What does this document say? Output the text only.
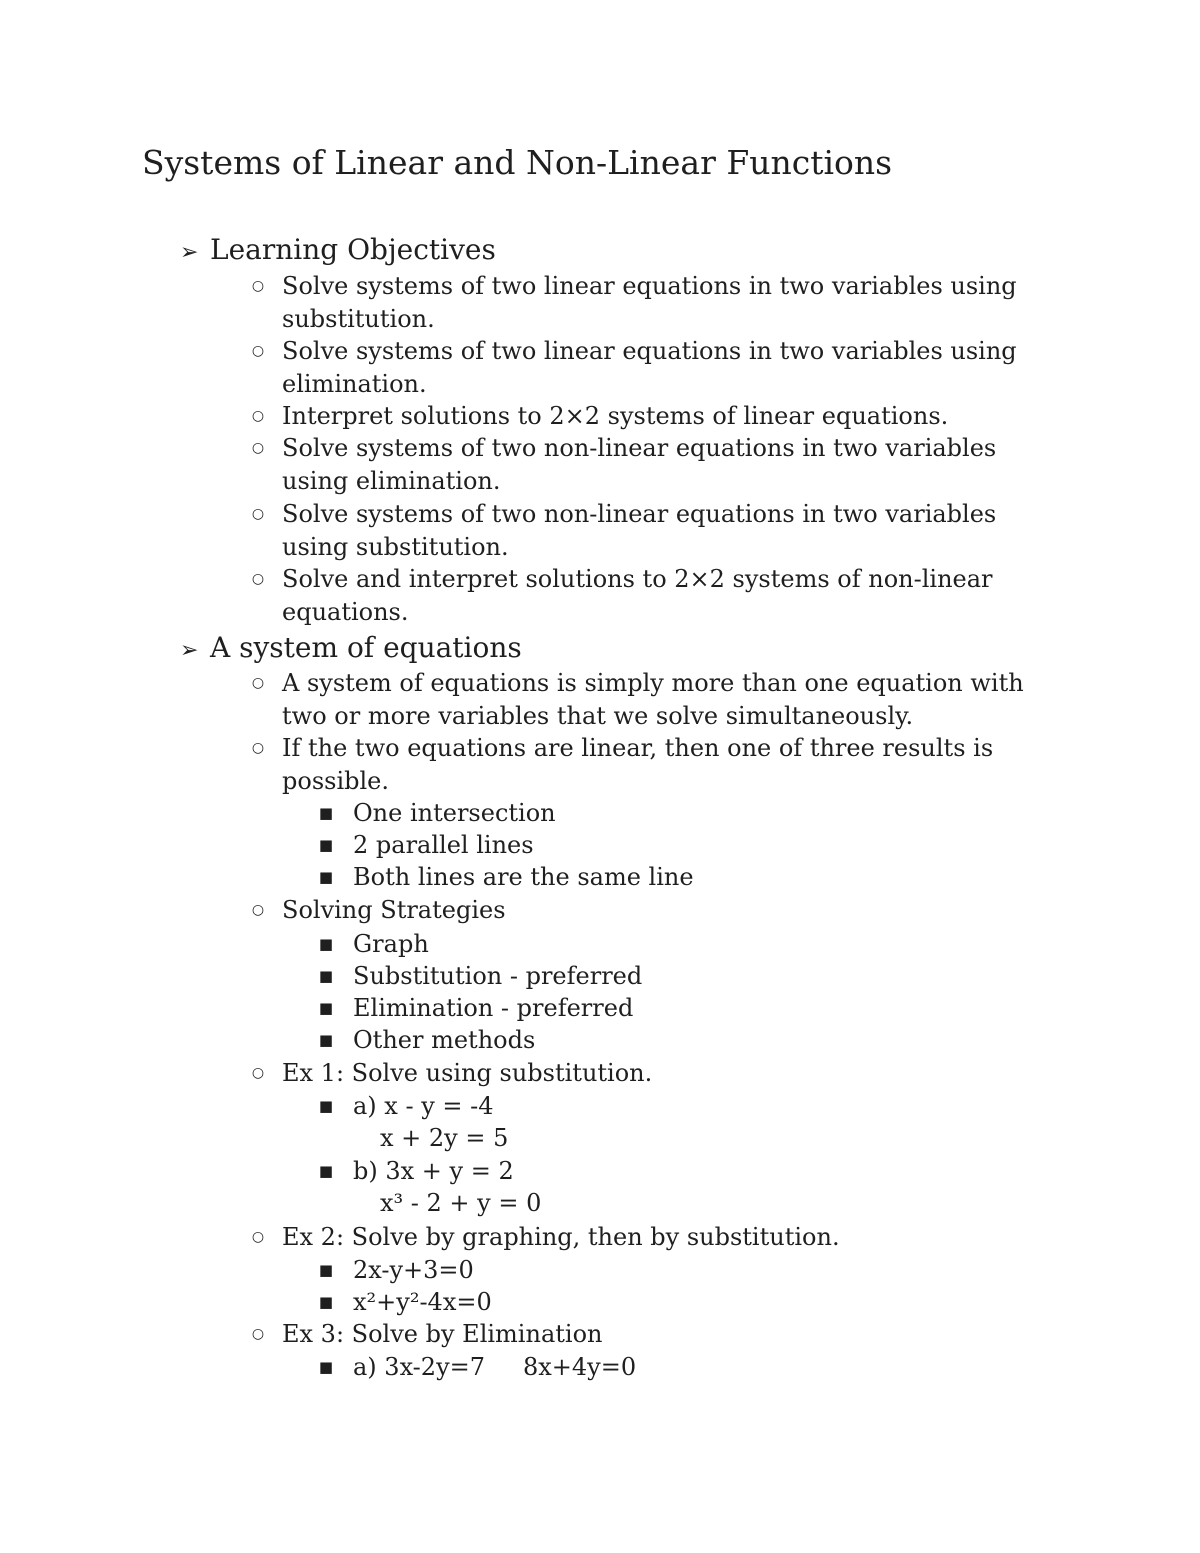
Systems of Linear and Non-Linear Functions
➢ Learning Objectives
○ Solve systems of two linear equations in two variables using substitution.
○ Solve systems of two linear equations in two variables using elimination.
○ Interpret solutions to 2×2 systems of linear equations.
○ Solve systems of two non-linear equations in two variables using elimination.
○ Solve systems of two non-linear equations in two variables using substitution.
○ Solve and interpret solutions to 2×2 systems of non-linear equations.
➢ A system of equations
○ A system of equations is simply more than one equation with two or more variables that we solve simultaneously.
○ If the two equations are linear, then one of three results is possible.
■ One intersection
■ 2 parallel lines
■ Both lines are the same line
○ Solving Strategies
■ Graph
■ Substitution - preferred
■ Elimination - preferred
■ Other methods
○ Ex 1: Solve using substitution.
■ a) x - y = -4
x + 2y = 5
■ b) 3x + y = 2
x³ - 2 + y = 0
○ Ex 2: Solve by graphing, then by substitution.
■ 2x-y+3=0
■ x²+y²-4x=0
○ Ex 3: Solve by Elimination
■ a) 3x-2y=7 8x+4y=0
